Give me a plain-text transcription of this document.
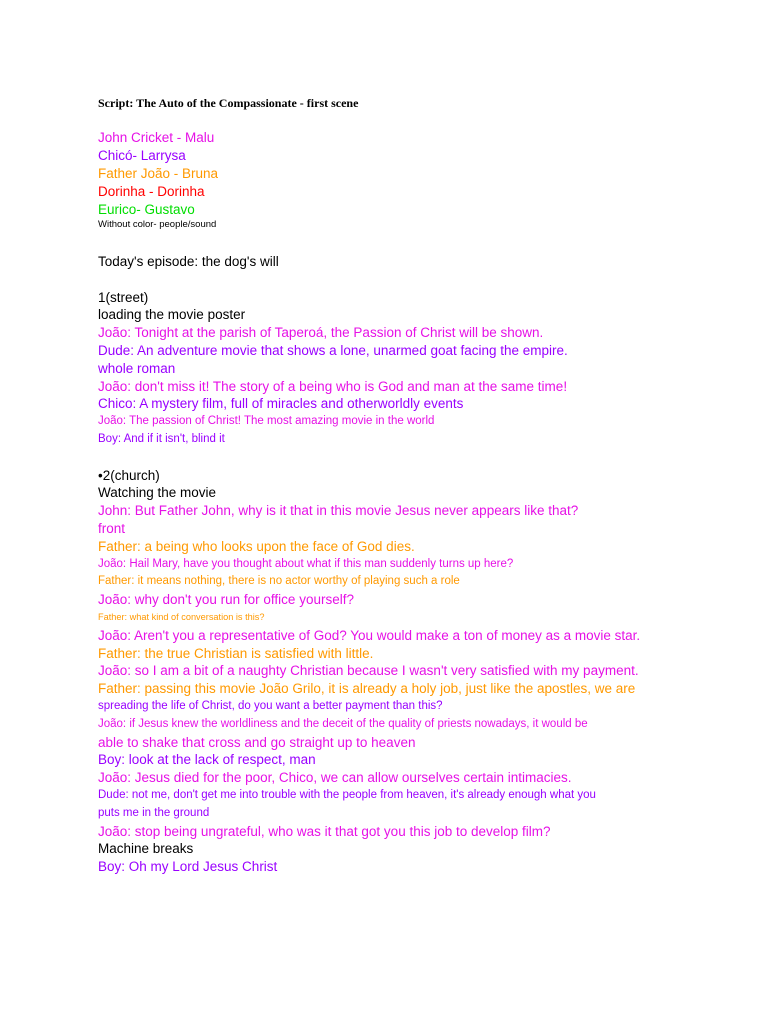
Script: The Auto of the Compassionate - first scene
John Cricket - Malu
Chicó- Larrysa
Father João - Bruna
Dorinha - Dorinha
Eurico- Gustavo
Without color- people/sound
Today's episode: the dog's will
1(street)
loading the movie poster
João: Tonight at the parish of Taperoá, the Passion of Christ will be shown.
Dude: An adventure movie that shows a lone, unarmed goat facing the empire.
whole roman
João: don't miss it! The story of a being who is God and man at the same time!
Chico: A mystery film, full of miracles and otherworldly events
João: The passion of Christ! The most amazing movie in the world
Boy: And if it isn't, blind it
•2(church)
Watching the movie
John: But Father John, why is it that in this movie Jesus never appears like that?
front
Father: a being who looks upon the face of God dies.
João: Hail Mary, have you thought about what if this man suddenly turns up here?
Father: it means nothing, there is no actor worthy of playing such a role
João: why don't you run for office yourself?
Father: what kind of conversation is this?
João: Aren't you a representative of God? You would make a ton of money as a movie star.
Father: the true Christian is satisfied with little.
João: so I am a bit of a naughty Christian because I wasn't very satisfied with my payment.
Father: passing this movie João Grilo, it is already a holy job, just like the apostles, we are
spreading the life of Christ, do you want a better payment than this?
João: if Jesus knew the worldliness and the deceit of the quality of priests nowadays, it would be
able to shake that cross and go straight up to heaven
Boy: look at the lack of respect, man
João: Jesus died for the poor, Chico, we can allow ourselves certain intimacies.
Dude: not me, don't get me into trouble with the people from heaven, it's already enough what you
puts me in the ground
João: stop being ungrateful, who was it that got you this job to develop film?
Machine breaks
Boy: Oh my Lord Jesus Christ
